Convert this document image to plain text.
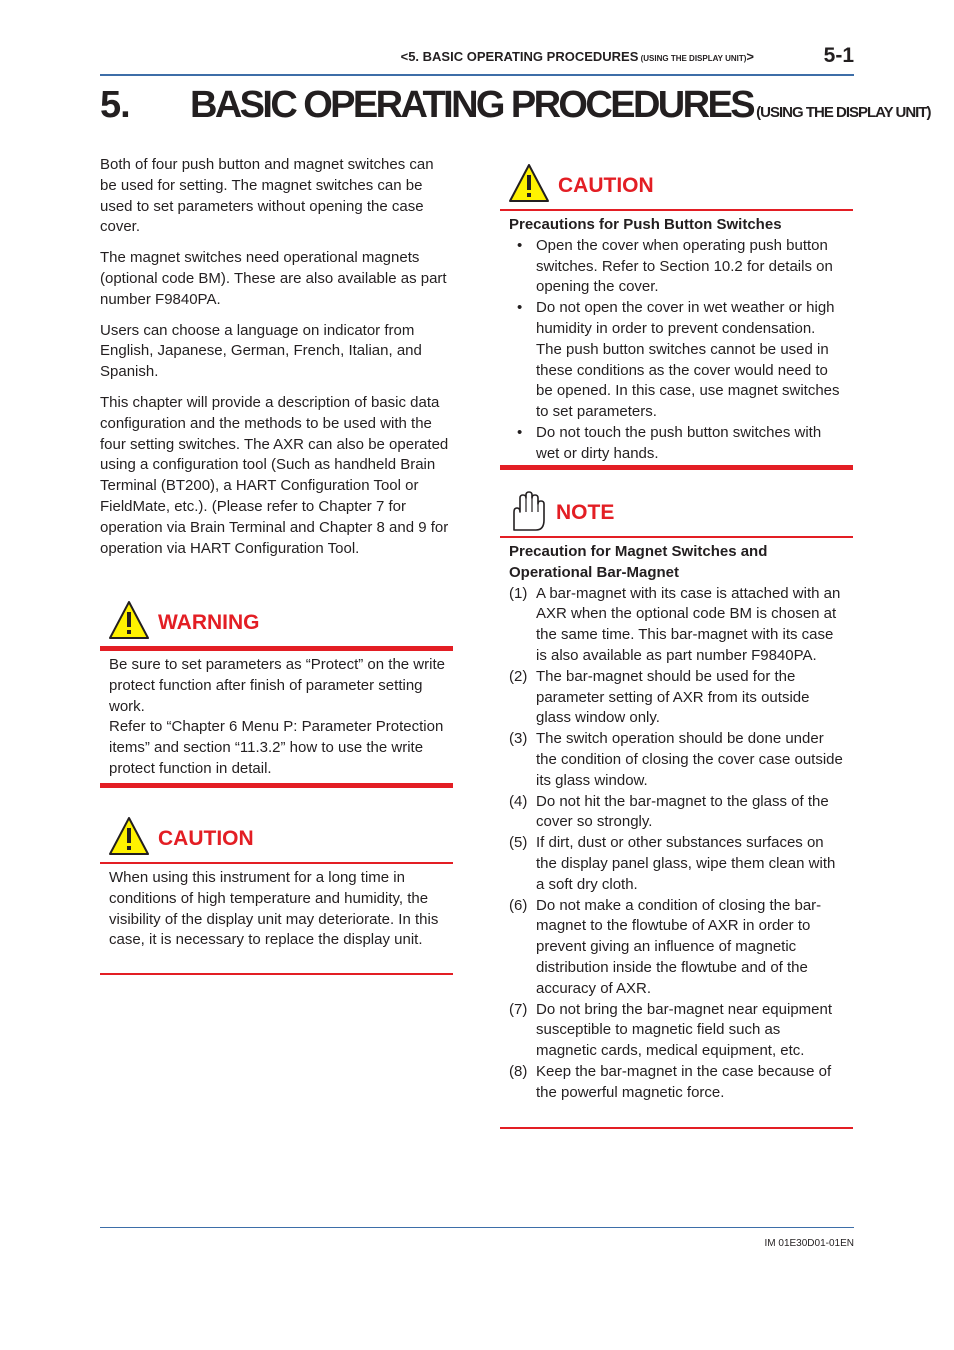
<5. BASIC OPERATING PROCEDURES (USING THE DISPLAY UNIT)>	5-1
5. BASIC OPERATING PROCEDURES (USING THE DISPLAY UNIT)

Both of four push button and magnet switches can be used for setting. The magnet switches can be used to set parameters without opening the case cover.

The magnet switches need operational magnets (optional code BM). These are also available as part number F9840PA.

Users can choose a language on indicator from English, Japanese, German, French, Italian, and Spanish.

This chapter will provide a description of basic data configuration and the methods to be used with the four setting switches. The AXR can also be operated using a configuration tool (Such as handheld Brain Terminal (BT200), a HART Configuration Tool or FieldMate, etc.). (Please refer to Chapter 7 for operation via Brain Terminal and Chapter 8 and 9 for operation via HART Configuration Tool.

WARNING
Be sure to set parameters as “Protect” on the write protect function after finish of parameter setting work.
Refer to “Chapter 6 Menu P: Parameter Protection items” and section “11.3.2” how to use the write protect function in detail.
CAUTION
When using this instrument for a long time in conditions of high temperature and humidity, the visibility of the display unit may deteriorate. In this case, it is necessary to replace the display unit.
CAUTION
Precautions for Push Button Switches
• Open the cover when operating push button switches. Refer to Section 10.2 for details on opening the cover.
• Do not open the cover in wet weather or high humidity in order to prevent condensation. The push button switches cannot be used in these conditions as the cover would need to be opened. In this case, use magnet switches to set parameters.
• Do not touch the push button switches with wet or dirty hands.
NOTE
Precaution for Magnet Switches and Operational Bar-Magnet
(1) A bar-magnet with its case is attached with an AXR when the optional code BM is chosen at the same time. This bar-magnet with its case is also available as part number F9840PA.
(2) The bar-magnet should be used for the parameter setting of AXR from its outside glass window only.
(3) The switch operation should be done under the condition of closing the cover case outside its glass window.
(4) Do not hit the bar-magnet to the glass of the cover so strongly.
(5) If dirt, dust or other substances surfaces on the display panel glass, wipe them clean with a soft dry cloth.
(6) Do not make a condition of closing the bar-magnet to the flowtube of AXR in order to prevent giving an influence of magnetic distribution inside the flowtube and of the accuracy of AXR.
(7) Do not bring the bar-magnet near equipment susceptible to magnetic field such as magnetic cards, medical equipment, etc.
(8) Keep the bar-magnet in the case because of the powerful magnetic force.
IM 01E30D01-01EN
